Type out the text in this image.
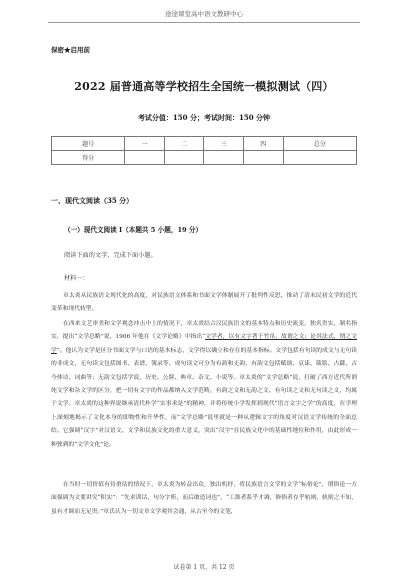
途途课堂高中语文教研中心
保密★启用前
2022 届普通高等学校招生全国统一模拟测试（四）
考试分值：150 分；考试时间：150 分钟
题号	一	二	三	四	总分
得分					
一、现代文阅读（35 分）
（一）现代文阅读 I（本题共 5 小题，19 分）
阅读下面的文字，完成下面小题。
材料一：

章太炎从民族语文现代化的高度，对民族语文体系和书面文学体制展开了批判性反思，推动了清末民初文学的近代变革和现代转型。

在西来文艺审美和文学观念冲击中上的情况下，章太炎结合汉民族语文的基本特点和历史流变，独名贵实，制名指实，提出“文学总略”说，1906 年他在《文学论略》中指出“文学者，以有文字著于竹帛，故谓之文；论其法式，谓之文学”。他认为文学是区分书面文学与口语的基本标志，文学得以确立和存在的基本指标。文学包括有句读的成文与无句读的非成文，无句读文包括图书、表谱、簿录等。成句读文可分为有韵和无韵，有韵文包括赋颂、哀诔、箴铭、占繇、古今体诗、词曲等；无韵文包括学说、历史、公牍、典章、杂文、小说等。章太炎的“文学总略”说，打破了西方近代所谓纯文学和杂文学的区分，把一切有文字的作品都纳入文学范畴，有韵之文和无韵之文、有句读之文和无句读之文，均属于文学。章太炎的这种界说继承清代朴学“实事求是”的精神，并将传统小学发挥到现代“语言文字之学”的高度，在学理上深刻地揭示了文化本身的即物性和升华性，而“文学总略”说里就是一种从逻辑文字的角度对汉语文学传统的全面总结。它强调“汉字”对汉语文、文学和民族文化的重大意义，突出“汉字”在民族文化中的基础性地位和作用，由此形成一种独到的“文学文化”论。

在当时一切价值有待重估的情况下，章太炎为转益出众，独出机杼，将民族语言文学的文学“标俗论”，谓俗论一方面强调为文要讲究“积实”：“先求训诂，句分字析，而后敢造词也”，“工拙者系乎才调，修俗者存乎轨则，轨则之不知，虽有才调而无足贵。”章氏认为一切文章文学观其会通，从古至今的文笔，

试卷第 1 页，共 12 页
